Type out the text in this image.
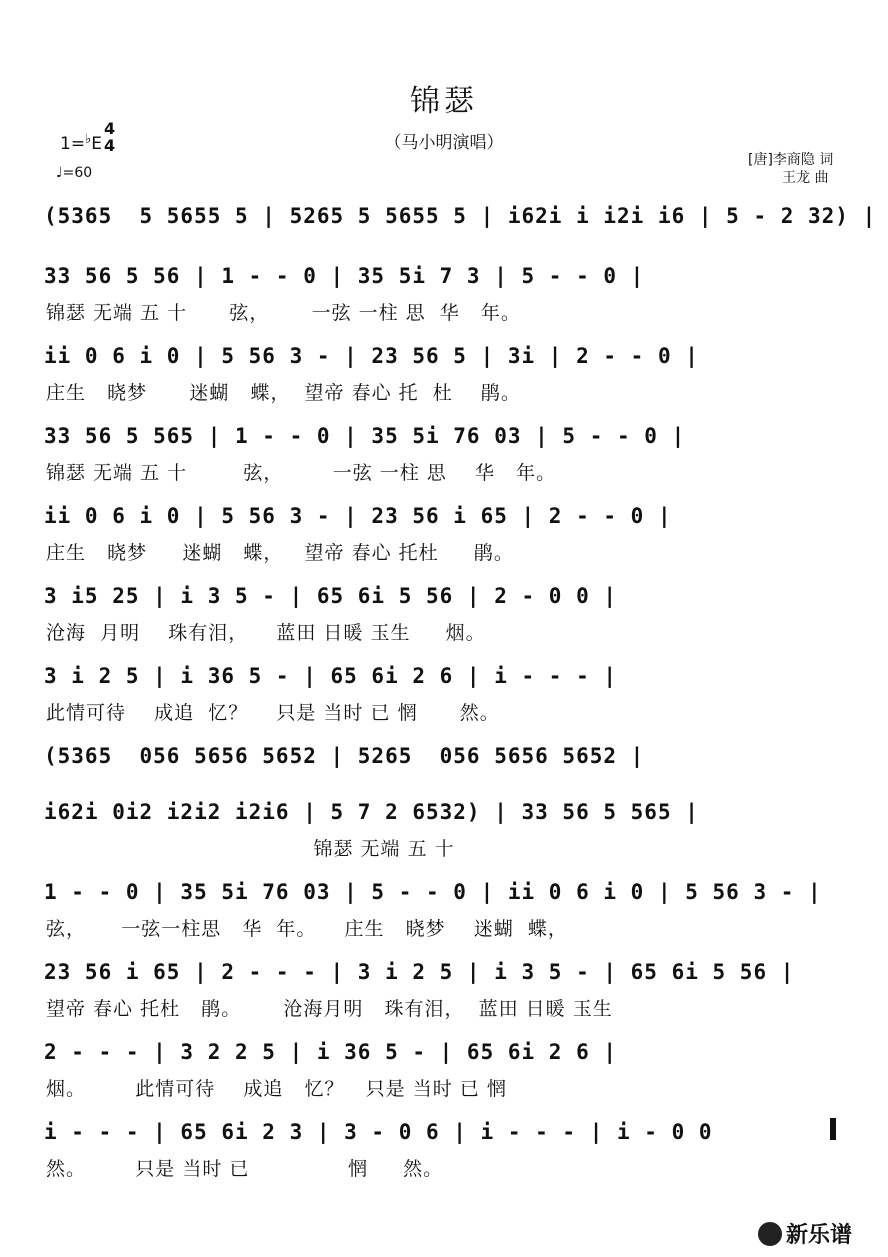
锦瑟
（马小明演唱）
1=♭E
4
4
♩=60
[唐]李商隐 词
王龙 曲
(5365  5 5655 5 | 5265 5 5655 5 | i62i i i2i i6 | 5 - 2 32) |
33 56 5 56 | 1 - - 0 | 35 5i 7 3 | 5 - - 0 |
锦瑟 无端 五 十      弦，      一弦 一柱 思  华   年。
ii 0 6 i 0 | 5 56 3 - | 23 56 5 | 3i | 2 - - 0 |
庄生   晓梦      迷蝴   蝶，  望帝 春心 托  杜    鹃。
33 56 5 565 | 1 - - 0 | 35 5i 76 03 | 5 - - 0 |
锦瑟 无端 五 十        弦，       一弦 一柱 思    华   年。
ii 0 6 i 0 | 5 56 3 - | 23 56 i 65 | 2 - - 0 |
庄生   晓梦     迷蝴   蝶，   望帝 春心 托杜     鹃。
3 i5 25 | i 3 5 - | 65 6i 5 56 | 2 - 0 0 |
沧海  月明    珠有泪，    蓝田 日暖 玉生     烟。
3 i 2 5 | i 36 5 - | 65 6i 2 6 | i - - - |
此情可待    成追  忆？    只是 当时 已 惘      然。
(5365  056 5656 5652 | 5265  056 5656 5652 |
i62i 0i2 i2i2 i2i6 | 5 7 2 6532) | 33 56 5 565 |
锦瑟 无端 五 十
1 - - 0 | 35 5i 76 03 | 5 - - 0 | ii 0 6 i 0 | 5 56 3 - |
弦，     一弦一柱思   华  年。    庄生   晓梦    迷蝴  蝶，
23 56 i 65 | 2 - - - | 3 i 2 5 | i 3 5 - | 65 6i 5 56 |
望帝 春心 托杜   鹃。      沧海月明   珠有泪，  蓝田 日暖 玉生
2 - - - | 3 2 2 5 | i 36 5 - | 65 6i 2 6 |
烟。       此情可待    成追   忆？   只是 当时 已 惘
i - - - | 65 6i 2 3 | 3 - 0 6 | i - - - | i - 0 0
然。       只是 当时 已              惘     然。
新乐谱
